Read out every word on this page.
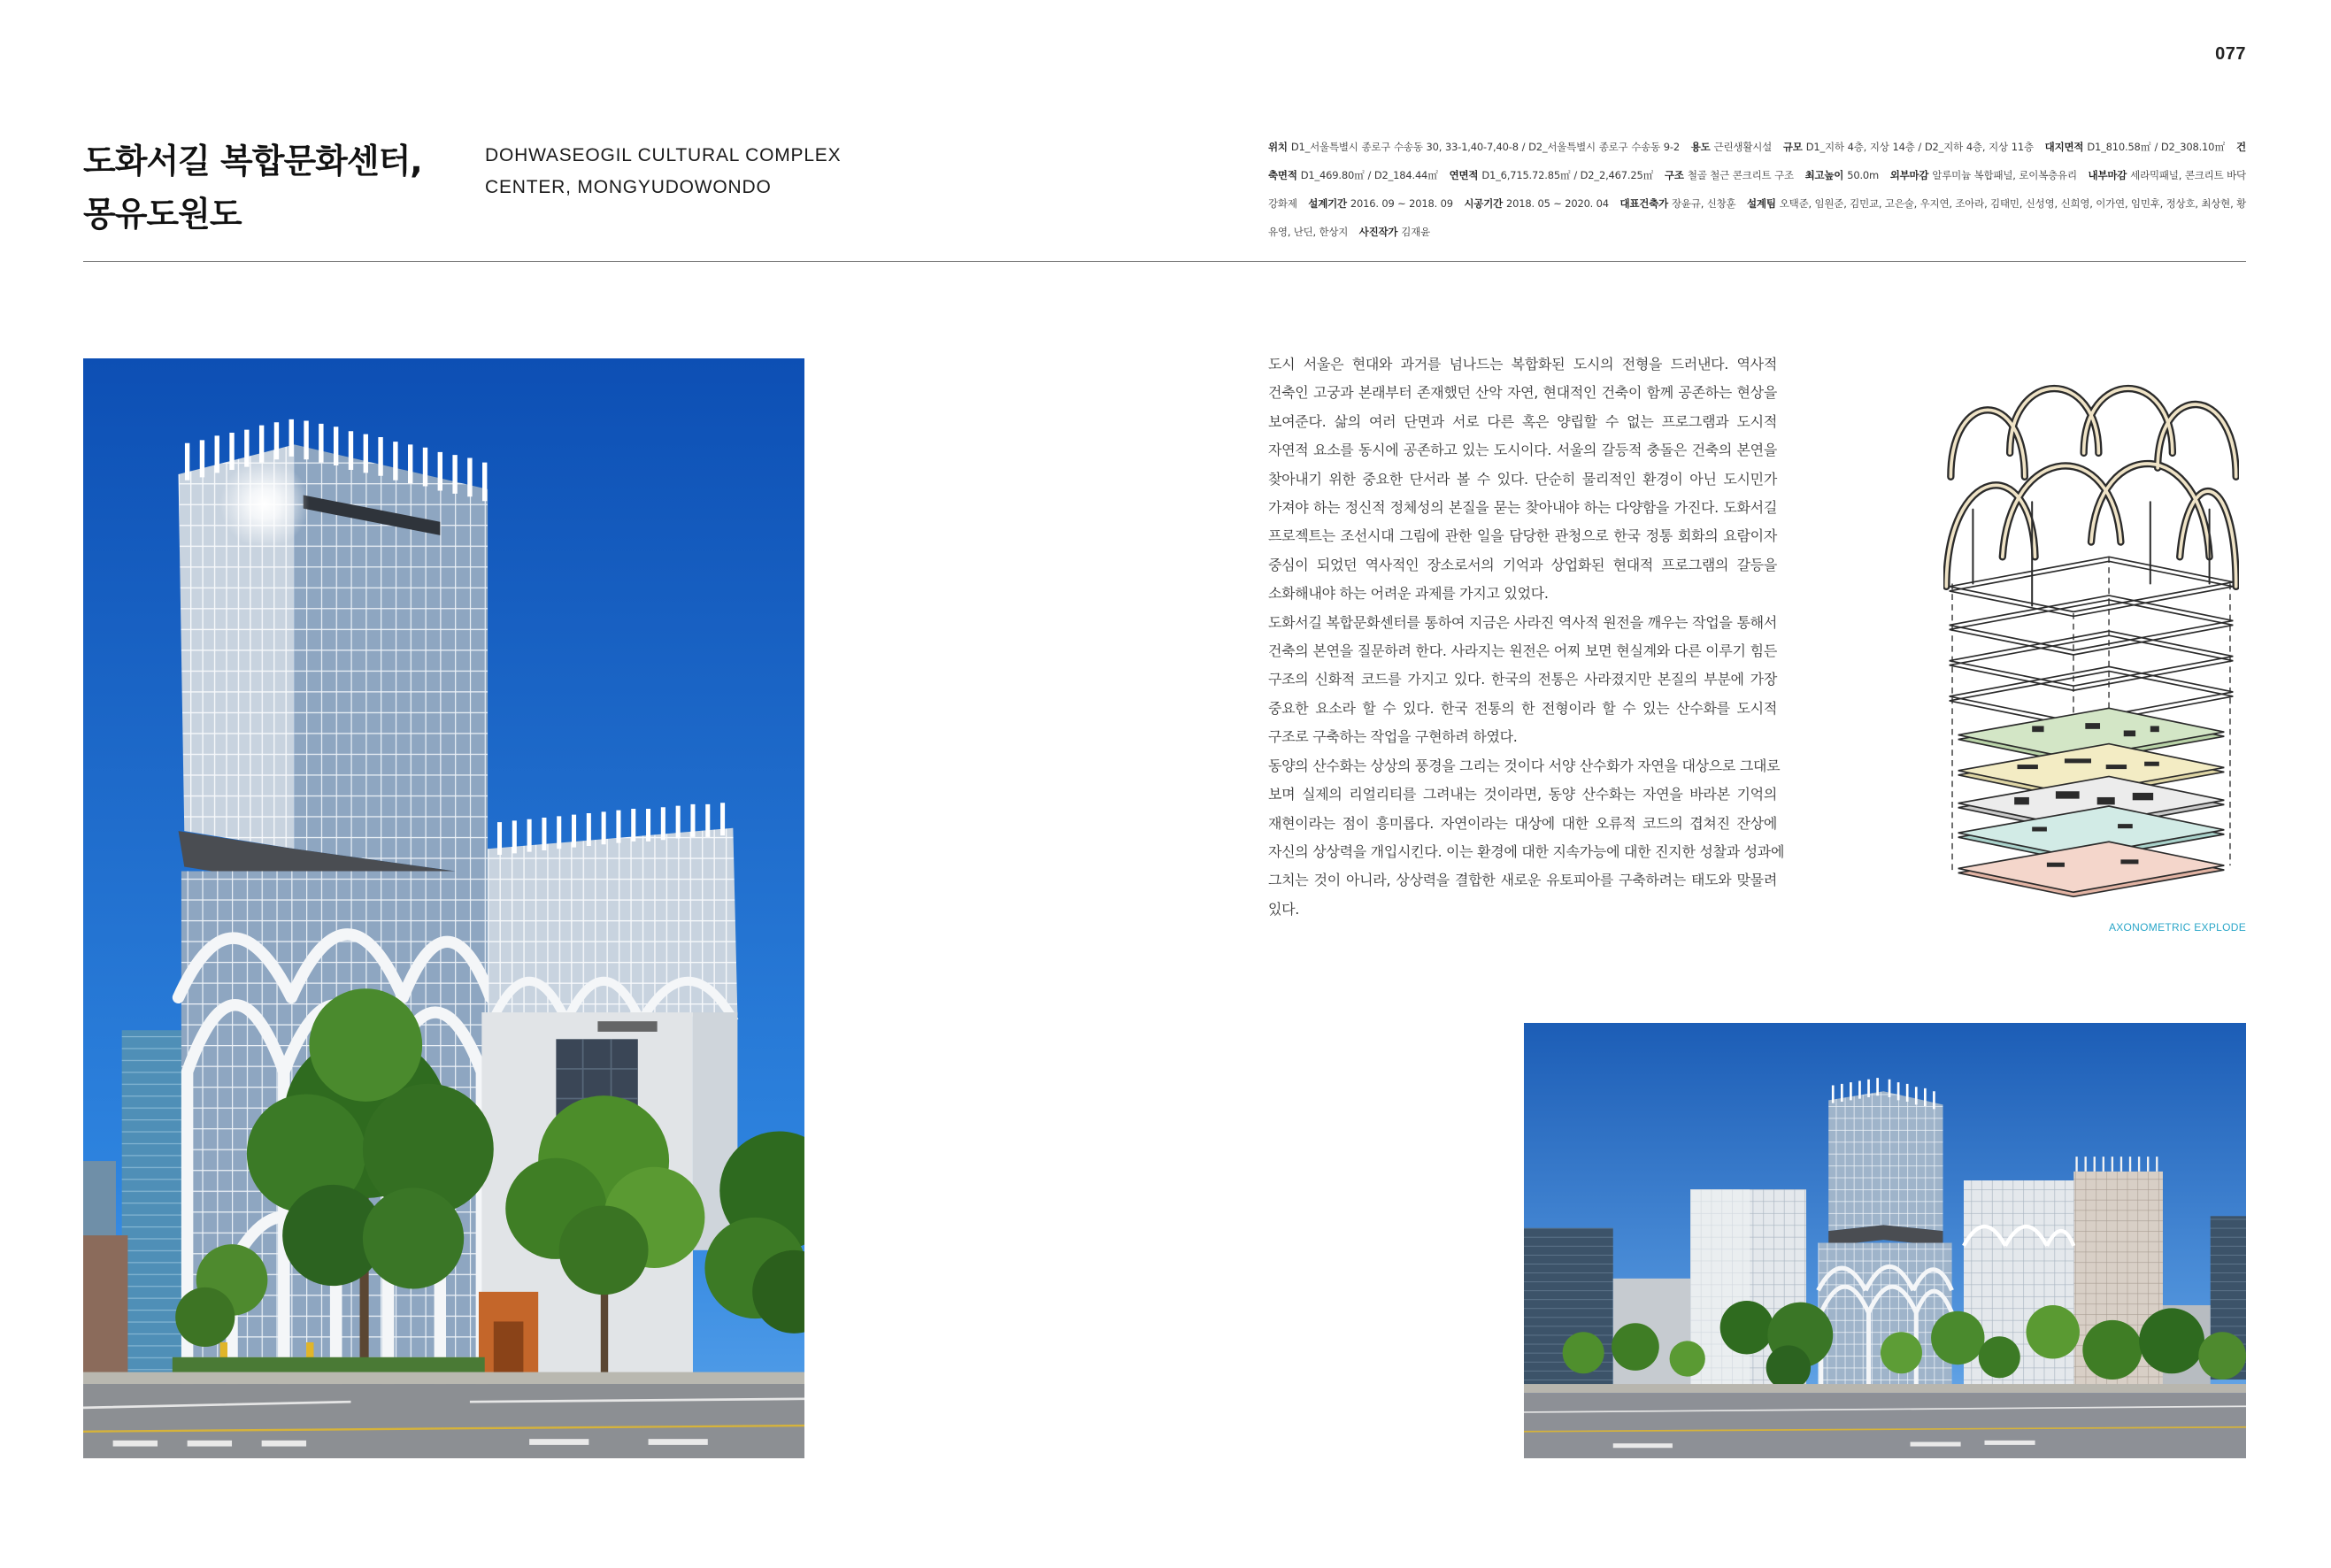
077
도화서길 복합문화센터,
몽유도원도
DOHWASEOGIL CULTURAL COMPLEX
CENTER, MONGYUDOWONDO

위치 D1_서울특별시 종로구 수송동 30, 33-1,40-7,40-8 / D2_서울특별시 종로구 수송동 9-2 용도 근린생활시설 규모 D1_지하 4층, 지상 14층 / D2_지하 4층, 지상 11층 대지면적 D1_810.58㎡ / D2_308.10㎡ 건축면적 D1_469.80㎡ / D2_184.44㎡ 연면적 D1_6,715.72.85㎡ / D2_2,467.25㎡ 구조 철골 철근 콘크리트 구조 최고높이 50.0m 외부마감 알루미늄 복합패널, 로이복층유리 내부마감 세라믹패널, 콘크리트 바닥강화제 설계기간 2016. 09 ~ 2018. 09 시공기간 2018. 05 ~ 2020. 04 대표건축가 장윤규, 신창훈 설계팀 오택준, 임원준, 김민교, 고은술, 우지연, 조아라, 김태민, 신성영, 신희영, 이가연, 임민후, 정상호, 최상현, 황유영, 난딘, 한상지 사진작가 김재윤

도시 서울은 현대와 과거를 넘나드는 복합화된 도시의 전형을 드러낸다. 역사적
건축인 고궁과 본래부터 존재했던 산악 자연, 현대적인 건축이 함께 공존하는 현상을
보여준다. 삶의 여러 단면과 서로 다른 혹은 양립할 수 없는 프로그램과 도시적
자연적 요소를 동시에 공존하고 있는 도시이다. 서울의 갈등적 충돌은 건축의 본연을
찾아내기 위한 중요한 단서라 볼 수 있다. 단순히 물리적인 환경이 아닌 도시민가
가져야 하는 정신적 정체성의 본질을 묻는 찾아내야 하는 다양함을 가진다. 도화서길
프로젝트는 조선시대 그림에 관한 일을 담당한 관청으로 한국 정통 회화의 요람이자
중심이 되었던 역사적인 장소로서의 기억과 상업화된 현대적 프로그램의 갈등을
소화해내야 하는 어려운 과제를 가지고 있었다.
도화서길 복합문화센터를 통하여 지금은 사라진 역사적 원전을 깨우는 작업을 통해서
건축의 본연을 질문하려 한다. 사라지는 원전은 어찌 보면 현실계와 다른 이루기 힘든
구조의 신화적 코드를 가지고 있다. 한국의 전통은 사라졌지만 본질의 부분에 가장
중요한 요소라 할 수 있다. 한국 전통의 한 전형이라 할 수 있는 산수화를 도시적
구조로 구축하는 작업을 구현하려 하였다.
동양의 산수화는 상상의 풍경을 그리는 것이다 서양 산수화가 자연을 대상으로 그대로
보며 실제의 리얼리티를 그려내는 것이라면, 동양 산수화는 자연을 바라본 기억의
재현이라는 점이 흥미롭다. 자연이라는 대상에 대한 오류적 코드의 겹쳐진 잔상에
자신의 상상력을 개입시킨다. 이는 환경에 대한 지속가능에 대한 진지한 성찰과 성과에
그치는 것이 아니라, 상상력을 결합한 새로운 유토피아를 구축하려는 태도와 맞물려
있다.
AXONOMETRIC EXPLODE
